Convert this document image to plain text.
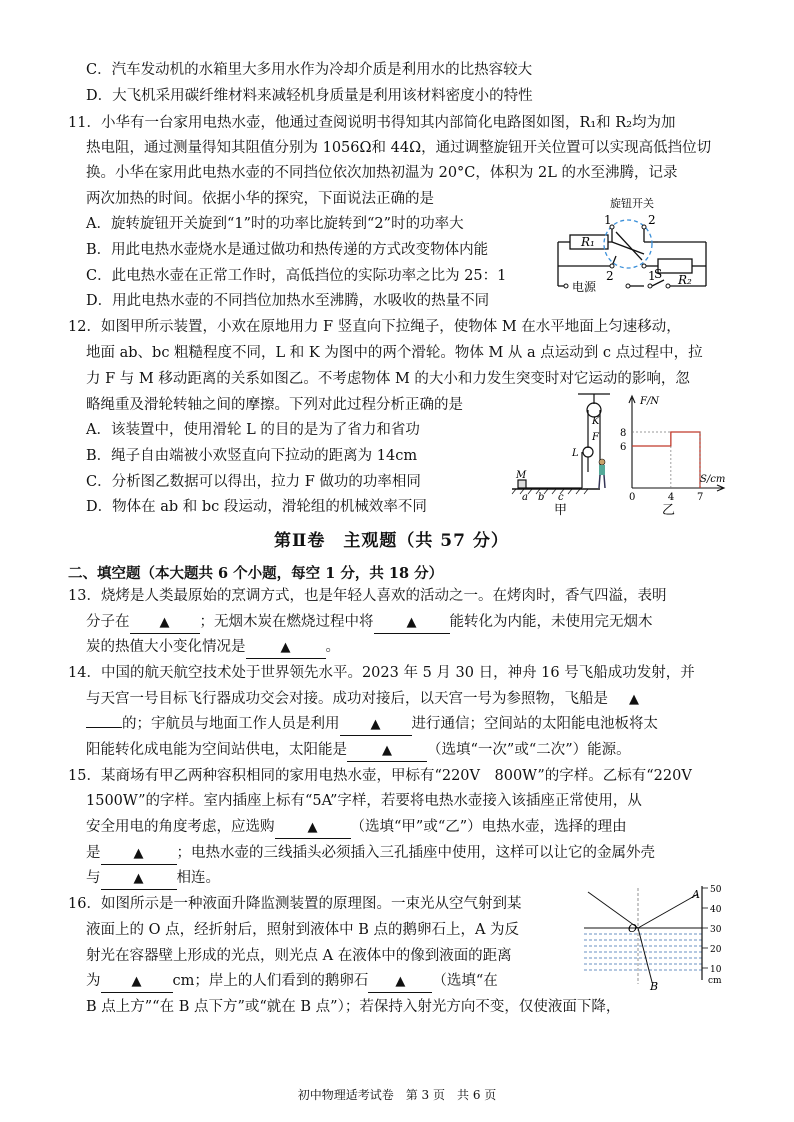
C．汽车发动机的水箱里大多用水作为冷却介质是利用水的比热容较大
D．大飞机采用碳纤维材料来减轻机身质量是利用该材料密度小的特性
11．小华有一台家用电热水壶，他通过查阅说明书得知其内部简化电路图如图，R₁和 R₂均为加
热电阻，通过测量得知其阻值分别为 1056Ω和 44Ω，通过调整旋钮开关位置可以实现高低挡位切
换。小华在家用此电热水壶的不同挡位依次加热初温为 20°C，体积为 2L 的水至沸腾，记录
两次加热的时间。依据小华的探究，下面说法正确的是
A．旋转旋钮开关旋到“1”时的功率比旋转到“2”时的功率大
B．用此电热水壶烧水是通过做功和热传递的方式改变物体内能
C．此电热水壶在正常工作时，高低挡位的实际功率之比为 25：1
D．用此电热水壶的不同挡位加热水至沸腾，水吸收的热量不同
旋钮开关
1	2
2	1
R₁
R₂
S
电源
12．如图甲所示装置，小欢在原地用力 F 竖直向下拉绳子，使物体 M 在水平地面上匀速移动，
地面 ab、bc 粗糙程度不同，L 和 K 为图中的两个滑轮。物体 M 从 a 点运动到 c 点过程中，拉
力 F 与 M 移动距离的关系如图乙。不考虑物体 M 的大小和力发生突变时对它运动的影响，忽
略绳重及滑轮转轴之间的摩擦。下列对此过程分析正确的是
A．该装置中，使用滑轮 L 的目的是为了省力和省功
B．绳子自由端被小欢竖直向下拉动的距离为 14cm
C．分析图乙数据可以得出，拉力 F 做功的功率相同
D．物体在 ab 和 bc 段运动，滑轮组的机械效率不同
K
L
F
M
a b c
甲
6
8
0	4 7
F/N
S/cm
乙
第Ⅱ卷　主观题（共 57 分）
二、填空题（本大题共 6 个小题，每空 1 分，共 18 分）
13．烧烤是人类最原始的烹调方式，也是年轻人喜欢的活动之一。在烤肉时，香气四溢，表明
分子在 ▲ ；无烟木炭在燃烧过程中将	▲ 能转化为内能，未使用完无烟木
炭的热值大小变化情况是	▲ 。
14．中国的航天航空技术处于世界领先水平。2023 年 5 月 30 日，神舟 16 号飞船成功发射，并
与天宫一号目标飞行器成功交会对接。成功对接后，以天宫一号为参照物，飞船是 ▲
的；宇航员与地面工作人员是利用 ▲ 进行通信；空间站的太阳能电池板将太
阳能转化成电能为空间站供电，太阳能是	▲ （选填“一次”或“二次”）能源。
15．某商场有甲乙两种容积相同的家用电热水壶，甲标有“220V　800W”的字样。乙标有“220V
1500W”的字样。室内插座上标有“5A”字样，若要将电热水壶接入该插座正常使用，从
安全用电的角度考虑，应选购	▲ （选填“甲”或“乙”）电热水壶，选择的理由
是	▲ ；电热水壶的三线插头必须插入三孔插座中使用，这样可以让它的金属外壳
与	▲ 相连。
16．如图所示是一种液面升降监测装置的原理图。一束光从空气射到某
液面上的 O 点，经折射后，照射到液体中 B 点的鹅卵石上，A 为反
射光在容器壁上形成的光点，则光点 A 在液体中的像到液面的距离
为 ▲ cm；岸上的人们看到的鹅卵石 ▲ （选填“在
B 点上方”“在 B 点下方”或“就在 B 点”）；若保持入射光方向不变，仅使液面下降，
50
40
30
20
10
cm
A
O
B
初中物理适考试卷　第 3 页　共 6 页
